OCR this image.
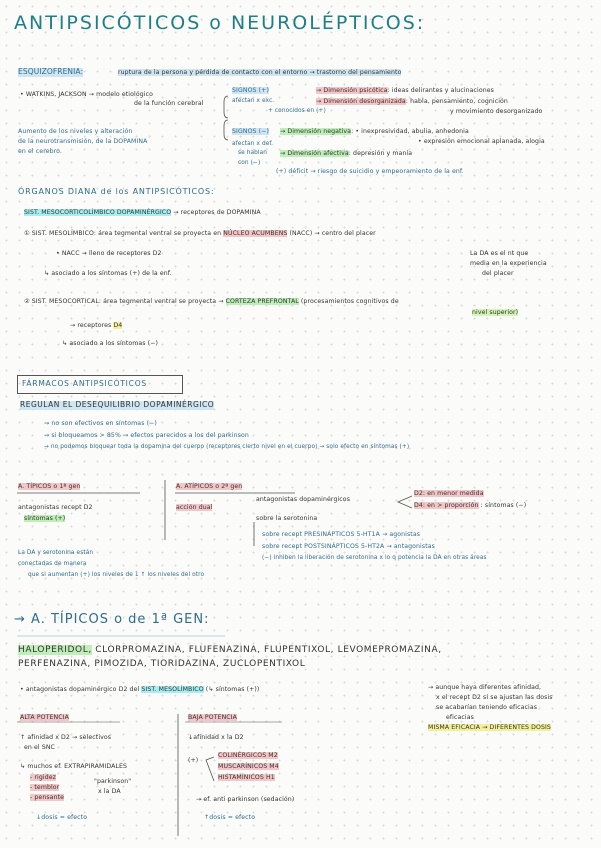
ANTIPSICÓTICOS o NEUROLÉPTICOS:
ESQUIZOFRENIA:	ruptura de la persona y pérdida de contacto con el entorno → trastorno del pensamiento
• WATKINS, JACKSON → modelo etiológico
de la función cerebral
SIGNOS (+)
afectan x exc.
+ conocidos en (+)
→ Dimensión psicótica: ideas delirantes y alucinaciones
→ Dimensión desorganizada: habla, pensamiento, cognición
y movimiento desorganizado
Aumento de los niveles y alteración
de la neurotransmisión, de la DOPAMINA
en el cerebro.
SIGNOS (−)
afectan x def.
se hablan
con (−)
→ Dimensión negativa: • inexpresividad, abulia, anhedonia
• expresión emocional aplanada, alogia
→ Dimensión afectiva: depresión y manía
(+) déficit → riesgo de suicidio y empeoramiento de la enf.
ÓRGANOS DIANA de los ANTIPSICÓTICOS:
SIST. MESOCORTICOLÍMBICO DOPAMINÉRGICO → receptores de DOPAMINA
① SIST. MESOLÍMBICO: área tegmental ventral se proyecta en NÚCLEO ACUMBENS (NACC) → centro del placer
• NACC → lleno de receptores D2
↳ asociado a los síntomas (+) de la enf.
La DA es el nt que
media en la experiencia
del placer
② SIST. MESOCORTICAL: área tegmental ventral se proyecta → CORTEZA PREFRONTAL (procesamientos cognitivos de
nivel superior)
→ receptores D4
↳ asociado a los síntomas (−)
FÁRMACOS ANTIPSICÓTICOS
REGULAN EL DESEQUILIBRIO DOPAMINÉRGICO
→ no son efectivos en síntomas (−)
→ si bloqueamos > 85% → efectos parecidos a los del parkinson
→ no podemos bloquear toda la dopamina del cuerpo (receptores cierto nivel en el cuerpo) → solo efecto en síntomas (+)
A. TÍPICOS o 1ª gen
antagonistas recept D2
síntomas (+)
A. ATÍPICOS o 2ª gen
acción dual
antagonistas dopaminérgicos
D2: en menor medida
D4: en > proporción : síntomas (−)
sobre la serotonina
sobre recept PRESINÁPTICOS 5-HT1A → agonistas
sobre recept POSTSINÁPTICOS 5-HT2A → antagonistas
(−) inhiben la liberación de serotonina x lo q potencia la DA en otras áreas
La DA y serotonina están
conectadas de manera
que si aumentan (+) los niveles de 1 ↑ los niveles del otro
→ A. TÍPICOS o de 1ª GEN:
HALOPERIDOL, CLORPROMAZINA, FLUFENAZINA, FLUPENTIXOL, LEVOMEPROMAZINA,
PERFENAZINA, PIMOZIDA, TIORIDAZINA, ZUCLOPENTIXOL
• antagonistas dopaminérgico D2 del SIST. MESOLÍMBICO (↳ síntomas (+))	→ aunque haya diferentes afinidad,
x el recept D2 si se ajustan las dosis
se acabarían teniendo eficacias
eficacias
MISMA EFICACIA → DIFERENTES DOSIS
ALTA POTENCIA
↑ afinidad x D2 → selectivos
en el SNC
↳ muchos ef. EXTRAPIRAMIDALES
- rigidez
- temblor
- pensante
"parkinson"
x la DA
↓dosis = efecto
BAJA POTENCIA
↓afinidad x la D2
(+)
COLINÉRGICOS M2
MUSCARÍNICOS M4
HISTAMÍNICOS H1
→ ef. anti parkinson (sedación)
↑dosis = efecto
